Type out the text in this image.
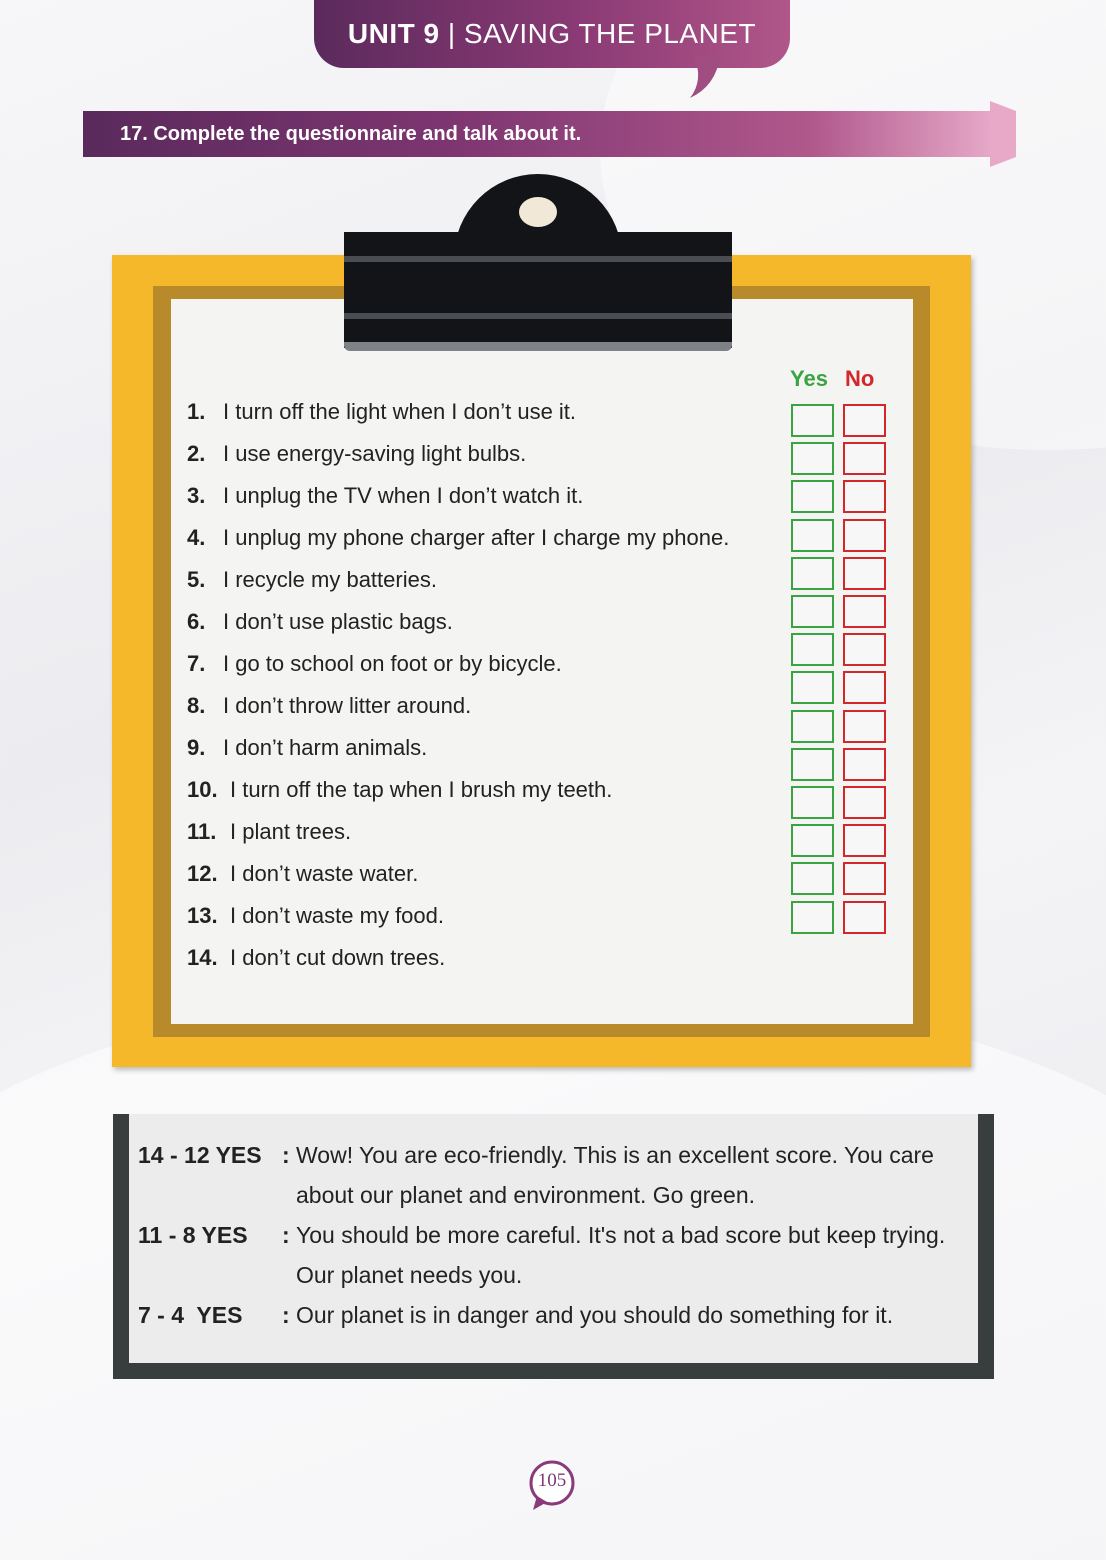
UNIT 9 | SAVING THE PLANET
17. Complete the questionnaire and talk about it.
Yes No
1. I turn off the light when I don’t use it.
2. I use energy-saving light bulbs.
3. I unplug the TV when I don’t watch it.
4. I unplug my phone charger after I charge my phone.
5. I recycle my batteries.
6. I don’t use plastic bags.
7. I go to school on foot or by bicycle.
8. I don’t throw litter around.
9. I don’t harm animals.
10. I turn off the tap when I brush my teeth.
11. I plant trees.
12. I don’t waste water.
13. I don’t waste my food.
14. I don’t cut down trees.
14 - 12 YES : Wow! You are eco-friendly. This is an excellent score. You care
about our planet and environment. Go green.
11 - 8 YES : You should be more careful. It's not a bad score but keep trying.
Our planet needs you.
7 - 4  YES : Our planet is in danger and you should do something for it.
105
